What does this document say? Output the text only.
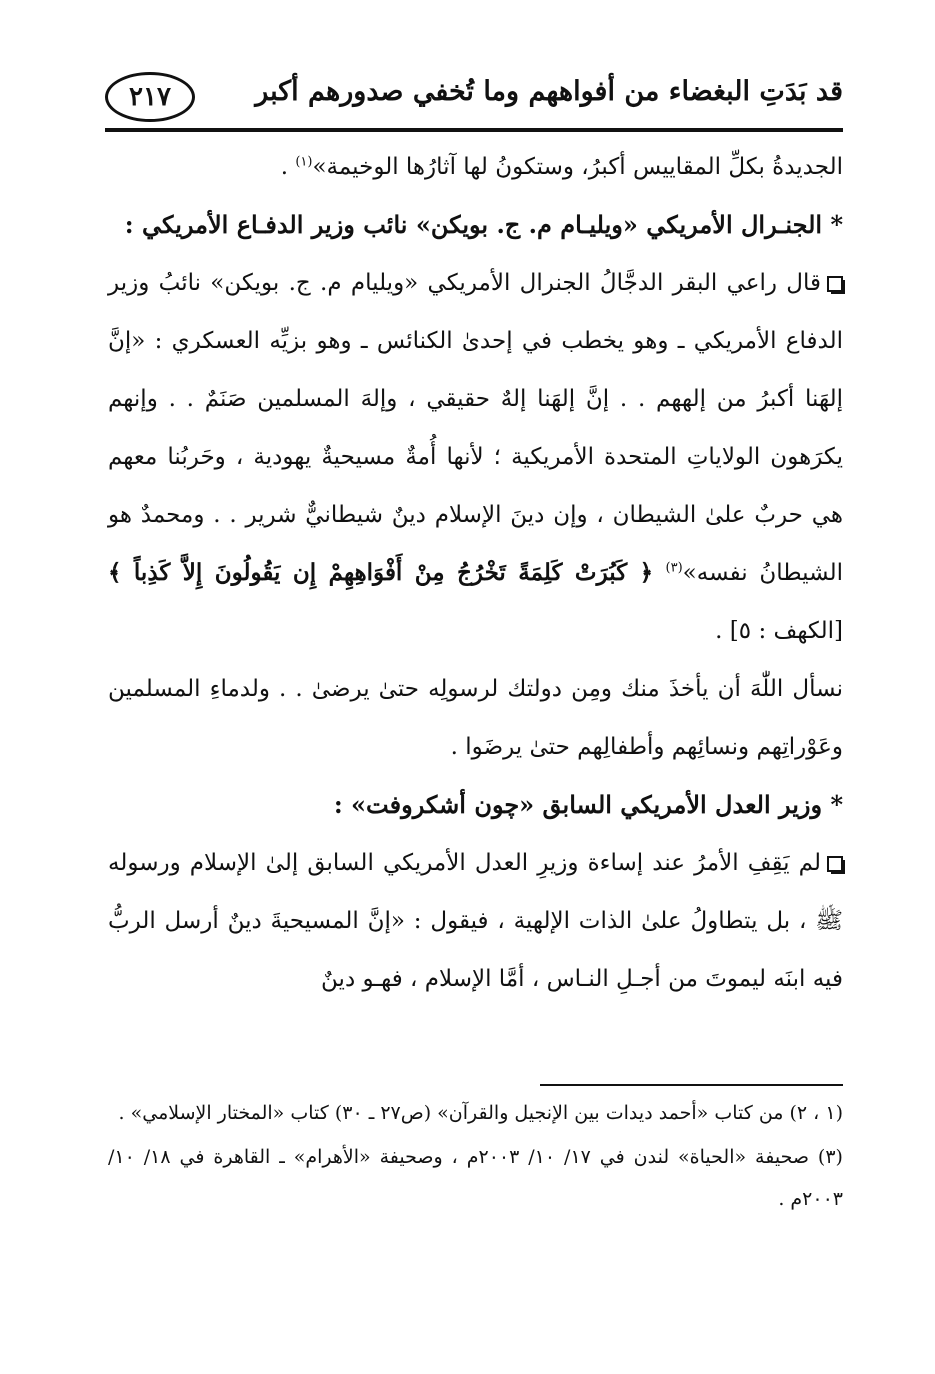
قد بَدَتِ البغضاء من أفواههم وما تُخفي صدورهم أكبر
٢١٧

الجديدةُ بكلِّ المقاييس أكبرُ، وستكونُ لها آثارُها الوخيمة»$^{(١)}$ .

* الجنـرال الأمريكي «ويليـام م. ج. بويكن» نائب وزير الدفـاع الأمريكي :

قال راعي البقر الدجَّالُ الجنرال الأمريكي «ويليام م. ج. بويكن» نائبُ وزير الدفاع الأمريكي ـ وهو يخطب في إحدىٰ الكنائس ـ وهو بزيِّه العسكري : «إنَّ إلهَنا أكبرُ من إلههم . . إنَّ إلهَنا إلهٌ حقيقي ، وإلهَ المسلمين صَنَمٌ . . وإنهم يكرَهون الولاياتِ المتحدة الأمريكية ؛ لأنها أُمةٌ مسيحيةٌ يهودية ، وحَربُنا معهم هي حربٌ علىٰ الشيطان ، وإن دينَ الإسلام دينٌ شيطانيٌّ شرير . . ومحمدٌ هو الشيطانُ نفسه»$^{(٣)}$ ﴿ كَبُرَتْ كَلِمَةً تَخْرُجُ مِنْ أَفْوَاهِهِمْ إِن يَقُولُونَ إِلاَّ كَذِباً ﴾ [الكهف : ٥] .

نسأل اللّٰهَ أن يأخذَ منك ومِن دولتك لرسولِه حتىٰ يرضىٰ . . ولدماءِ المسلمين وعَوْراتِهم ونسائِهم وأطفالِهم حتىٰ يرضَوا .

* وزير العدل الأمريكي السابق «چون أشكروفت» :

لم يَقِفِ الأمرُ عند إساءة وزيرِ العدل الأمريكي السابق إلىٰ الإسلام ورسوله ﷺ ، بل يتطاولُ علىٰ الذات الإلهية ، فيقول : «إنَّ المسيحيةَ دينٌ أرسل الربُّ فيه ابنَه ليموتَ من أجـلِ النـاس ، أمَّا الإسلام ، فهـو دينٌ

(١ ، ٢) من كتاب «أحمد ديدات بين الإنجيل والقرآن» (ص٢٧ ـ ٣٠) كتاب «المختار الإسلامي» .

(٣) صحيفة «الحياة» لندن في ١٧/ ١٠/ ٢٠٠٣م ، وصحيفة «الأهرام» ـ القاهرة في ١٨/ ١٠/ ٢٠٠٣م .
